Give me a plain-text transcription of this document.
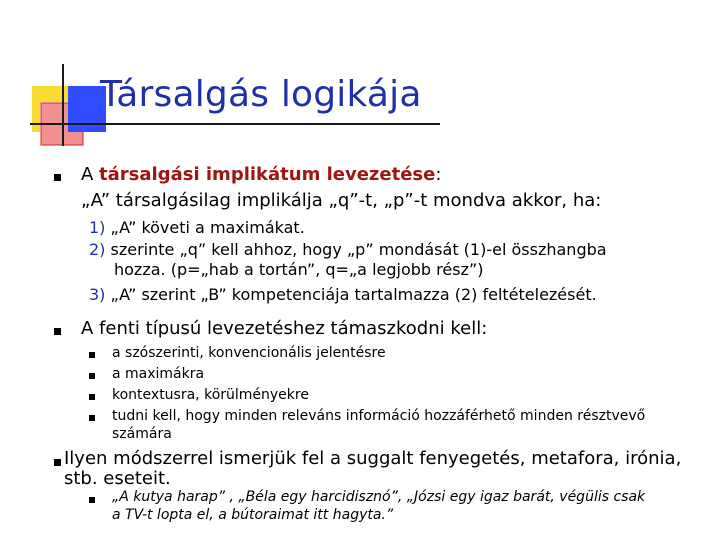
Társalgás logikája
A társalgási implikátum levezetése:
„A” társalgásilag implikálja „q”-t, „p”-t mondva akkor, ha:
1) „A” követi a maximákat.
2) szerinte „q” kell ahhoz, hogy „p” mondását (1)-el összhangba
hozza. (p=„hab a tortán”, q=„a legjobb rész”)
3) „A” szerint „B” kompetenciája tartalmazza (2) feltételezését.
A fenti típusú levezetéshez támaszkodni kell:
a szószerinti, konvencionális jelentésre
a maximákra
kontextusra, körülményekre
tudni kell, hogy minden releváns információ hozzáférhető minden résztvevő
számára
Ilyen módszerrel ismerjük fel a suggalt fenyegetés, metafora, irónia,
stb. eseteit.
„A kutya harap” , „Béla egy harcidisznó”, „Józsi egy igaz barát, végülis csak
a TV-t lopta el, a bútoraimat itt hagyta.”
